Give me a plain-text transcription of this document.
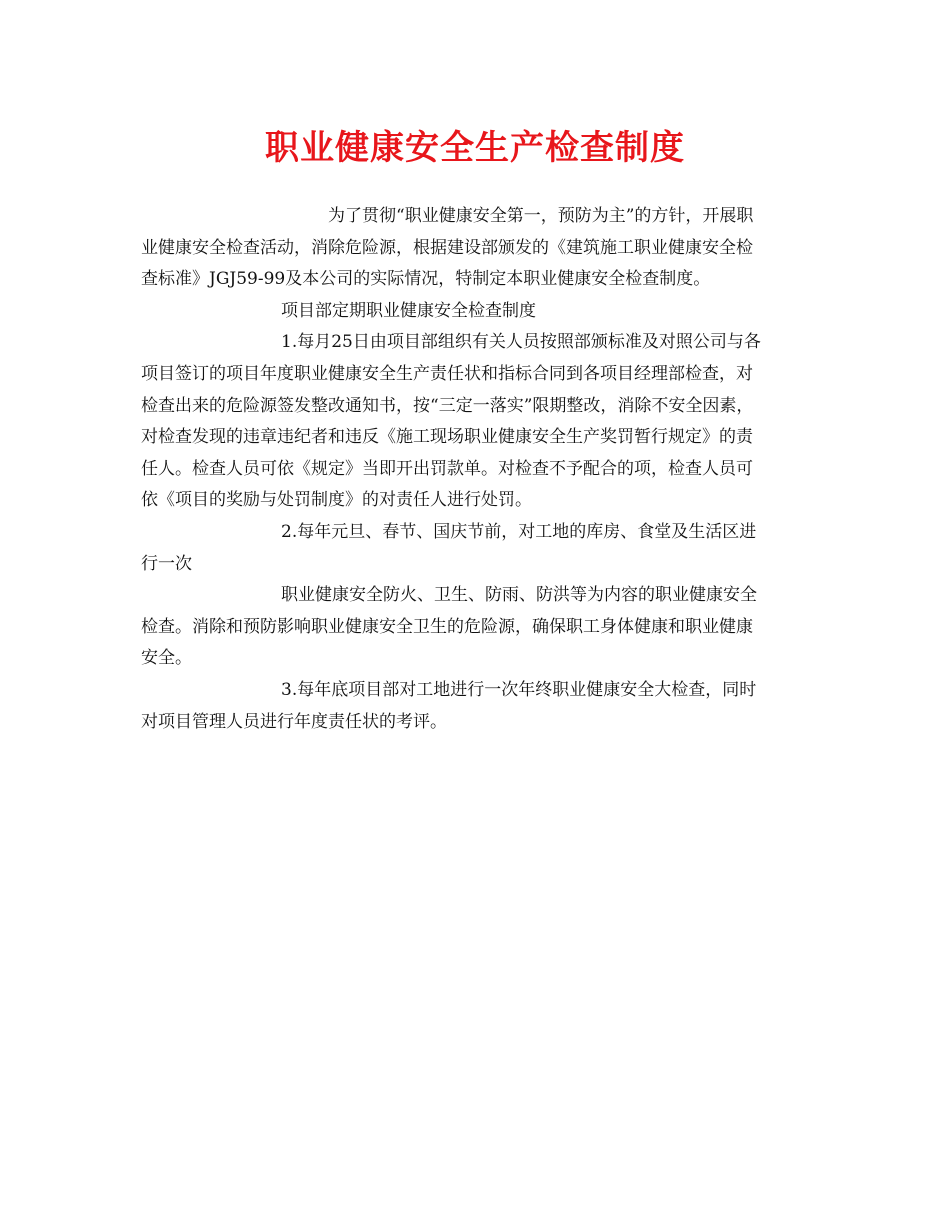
职业健康安全生产检查制度
为了贯彻“职业健康安全第一，预防为主”的方针，开展职
业健康安全检查活动，消除危险源，根据建设部颁发的《建筑施工职业健康安全检
查标准》JGJ59-99及本公司的实际情况，特制定本职业健康安全检查制度。
项目部定期职业健康安全检查制度
1.每月25日由项目部组织有关人员按照部颁标准及对照公司与各
项目签订的项目年度职业健康安全生产责任状和指标合同到各项目经理部检查，对
检查出来的危险源签发整改通知书，按“三定一落实”限期整改，消除不安全因素，
对检查发现的违章违纪者和违反《施工现场职业健康安全生产奖罚暂行规定》的责
任人。检查人员可依《规定》当即开出罚款单。对检查不予配合的项，检查人员可
依《项目的奖励与处罚制度》的对责任人进行处罚。
2.每年元旦、春节、国庆节前，对工地的库房、食堂及生活区进
行一次
职业健康安全防火、卫生、防雨、防洪等为内容的职业健康安全
检查。消除和预防影响职业健康安全卫生的危险源，确保职工身体健康和职业健康
安全。
3.每年底项目部对工地进行一次年终职业健康安全大检查，同时
对项目管理人员进行年度责任状的考评。
